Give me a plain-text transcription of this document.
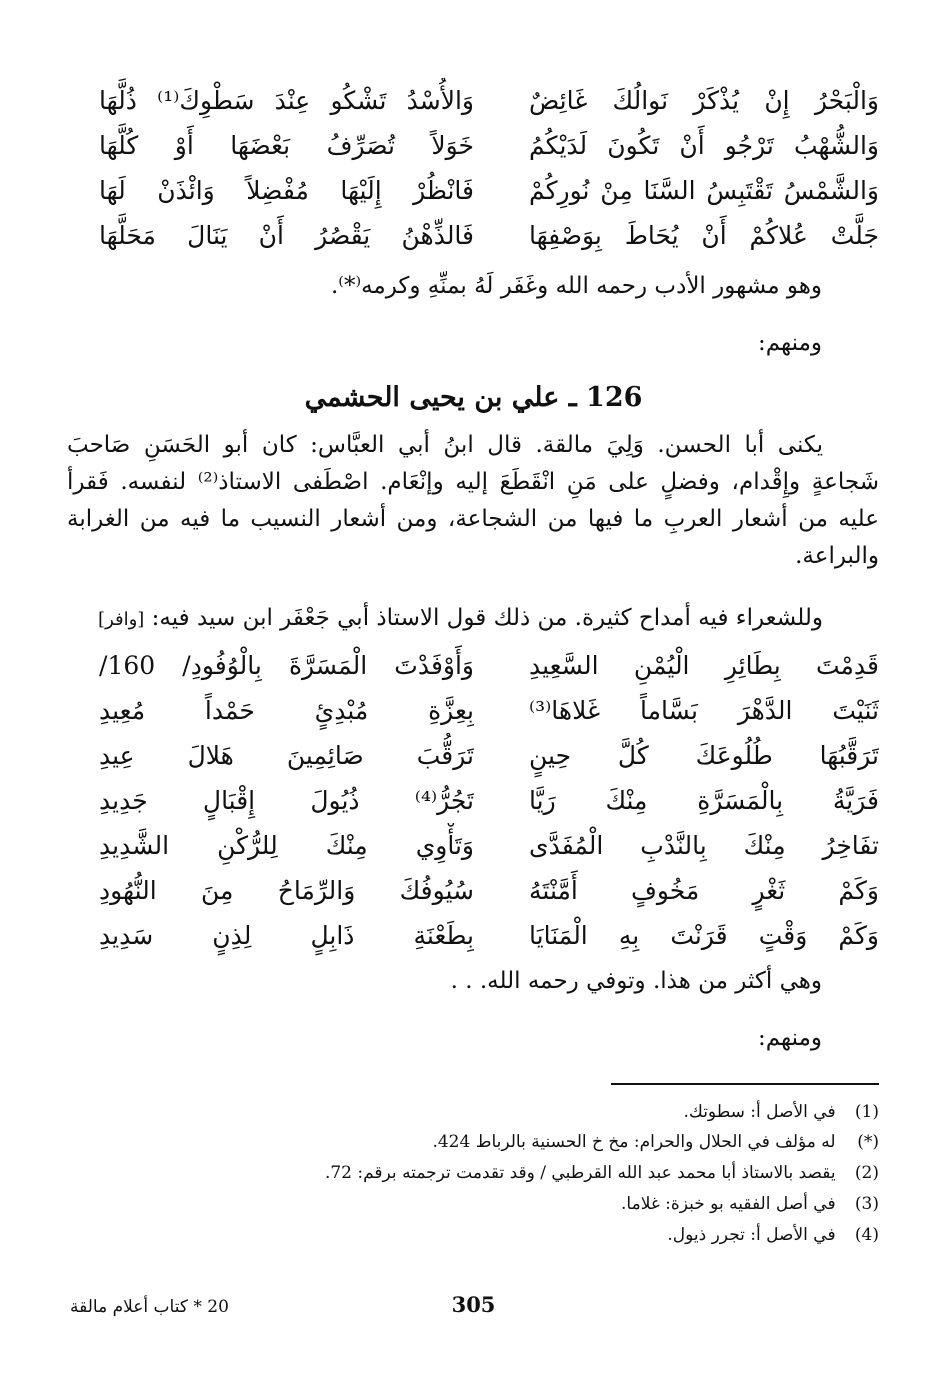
وَالْبَحْرُ إِنْ يُذْكَرْ نَوالُكَ غَائِضٌ
وَالأُسْدُ تَشْكُو عِنْدَ سَطْوِكَ⁽¹⁾ ذُلَّهَا
وَالشُّهْبُ تَرْجُو أَنْ تَكُونَ لَدَيْكُمُ
خَوَلاً تُصَرِّفُ بَعْضَهَا أَوْ كُلَّهَا
وَالشَّمْسُ تَقْتَبِسُ السَّنَا مِنْ نُورِكُمْ
فَانْظُرْ إِلَيْهَا مُفْضِلاً وَائْذَنْ لَهَا
جَلَّتْ عُلاكُمْ أَنْ يُحَاطَ بِوَصْفِهَا
فَالذِّهْنُ يَقْصُرُ أَنْ يَنَالَ مَحَلَّهَا
وهو مشهور الأدب رحمه الله وغَفَر لَهُ بمنِّهِ وكرمه⁽*⁾.
ومنهم:
126 ـ علي بن يحيى الحشمي
يكنى أبا الحسن. وَلِيَ مالقة. قال ابنُ أبي العبَّاس: كان أبو الحَسَنِ صَاحبَ شَجاعةٍ وإِقْدام، وفضلٍ على مَنِ انْقَطَعَ إليه وإنْعَام. اصْطَفى الاستاذ⁽²⁾ لنفسه. فَقرأ عليه من أشعار العربِ ما فيها من الشجاعة، ومن أشعار النسيب ما فيه من الغرابة والبراعة.
وللشعراء فيه أمداح كثيرة. من ذلك قول الاستاذ أبي جَعْفَر ابن سيد فيه: [وافر]
قَدِمْتَ بِطَائِرِ الْيُمْنِ السَّعِيدِ
وَأَوْفَدْتَ الْمَسَرَّةَ بِالْوُفُودِ/ 160/
ثَنَيْتَ الدَّهْرَ بَسَّاماً غَلاهَا⁽³⁾
بِعِزَّةِ مُبْدِئٍ حَمْداً مُعِيدِ
تَرَقَّبُهَا طُلُوعَكَ كُلَّ حِينٍ
تَرَقُّبَ صَائِمِينَ هَلالَ عِيدِ
فَرَيَّةُ بِالْمَسَرَّةِ مِنْكَ رَيَّا
تَجُرُّ⁽⁴⁾ ذُيُولَ إِقْبَالٍ جَدِيدِ
تفَاخِرُ مِنْكَ بِالنَّدْبِ الْمُفَدَّى
وَتَأْوِي مِنْكَ لِلرُّكْنِ الشَّدِيدِ
وَكَمْ ثَغْرٍ مَخُوفٍ أَمَّنْتَهُ
سُيُوفُكَ وَالرِّمَاحُ مِنَ النُّهُودِ
وَكَمْ وَقْتٍ قَرَنْتَ بِهِ الْمَنَايَا
بِطَعْنَةِ ذَابِلٍ لِذِنٍ سَدِيدِ
وهي أكثر من هذا. وتوفي رحمه الله. . .
ومنهم:
(1) في الأصل أ: سطوتك.
(*) له مؤلف في الحلال والحرام: مخ خ الحسنية بالرباط 424.
(2) يقصد بالاستاذ أبا محمد عبد الله القرطبي / وقد تقدمت ترجمته برقم: 72.
(3) في أصل الفقيه بو خبزة: غلاما.
(4) في الأصل أ: تجرر ذيول.
305
20 * كتاب أعلام مالقة
